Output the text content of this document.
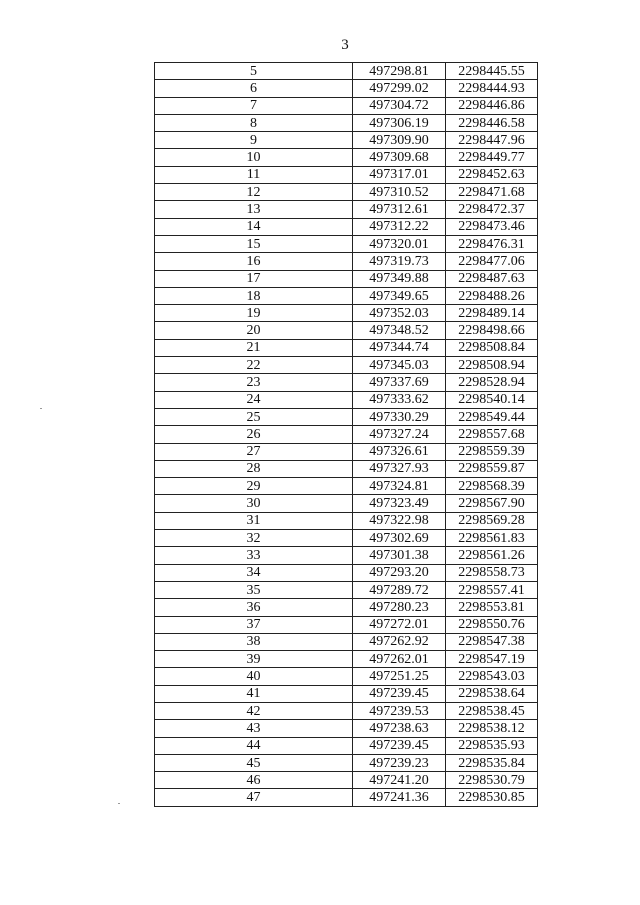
3
5	497298.81	2298445.55
6	497299.02	2298444.93
7	497304.72	2298446.86
8	497306.19	2298446.58
9	497309.90	2298447.96
10	497309.68	2298449.77
11	497317.01	2298452.63
12	497310.52	2298471.68
13	497312.61	2298472.37
14	497312.22	2298473.46
15	497320.01	2298476.31
16	497319.73	2298477.06
17	497349.88	2298487.63
18	497349.65	2298488.26
19	497352.03	2298489.14
20	497348.52	2298498.66
21	497344.74	2298508.84
22	497345.03	2298508.94
23	497337.69	2298528.94
24	497333.62	2298540.14
25	497330.29	2298549.44
26	497327.24	2298557.68
27	497326.61	2298559.39
28	497327.93	2298559.87
29	497324.81	2298568.39
30	497323.49	2298567.90
31	497322.98	2298569.28
32	497302.69	2298561.83
33	497301.38	2298561.26
34	497293.20	2298558.73
35	497289.72	2298557.41
36	497280.23	2298553.81
37	497272.01	2298550.76
38	497262.92	2298547.38
39	497262.01	2298547.19
40	497251.25	2298543.03
41	497239.45	2298538.64
42	497239.53	2298538.45
43	497238.63	2298538.12
44	497239.45	2298535.93
45	497239.23	2298535.84
46	497241.20	2298530.79
47	497241.36	2298530.85
